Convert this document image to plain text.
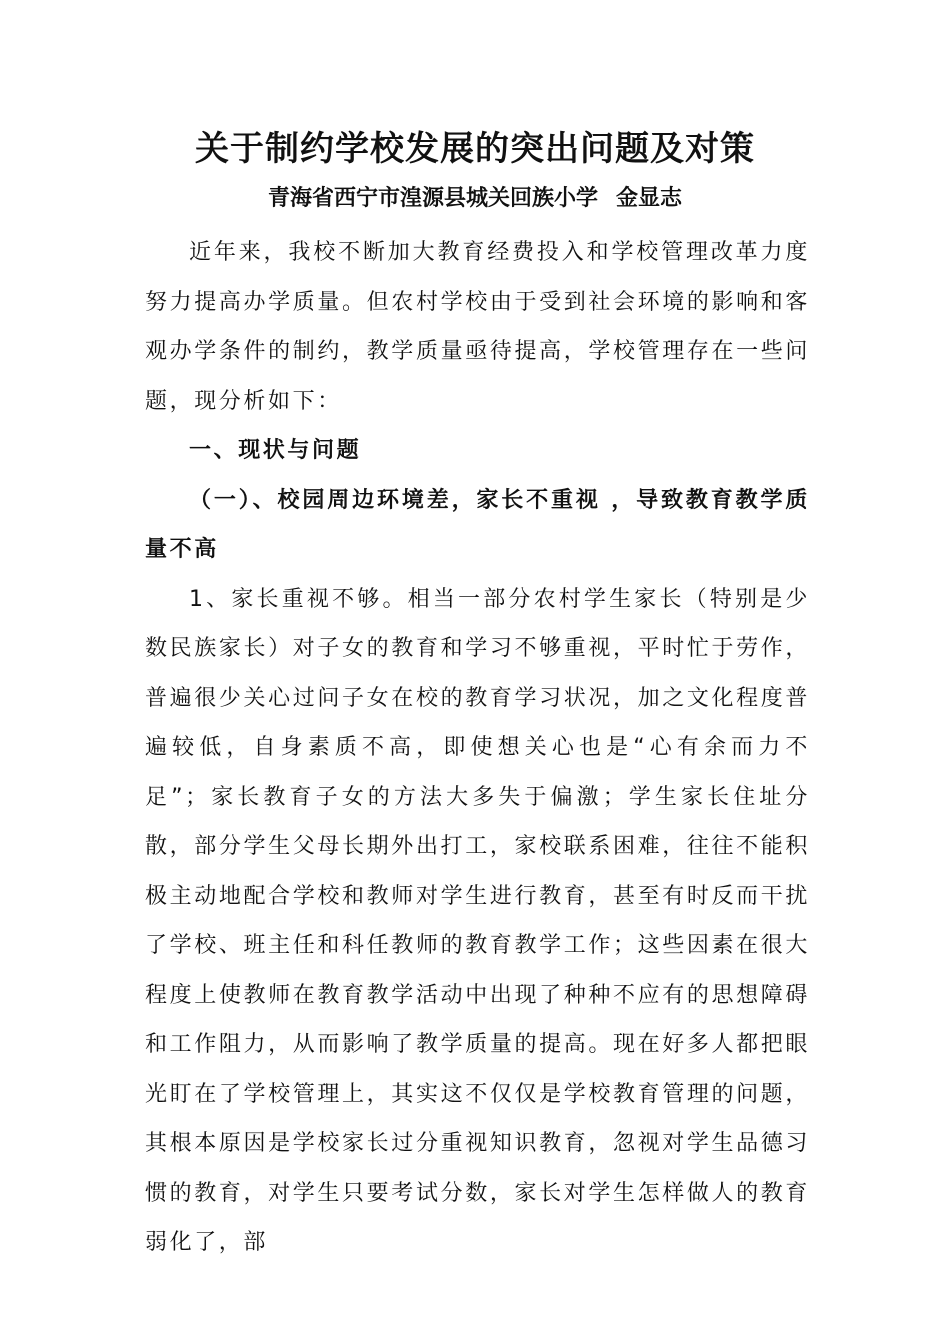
关于制约学校发展的突出问题及对策
青海省西宁市湟源县城关回族小学 金显志

近年来，我校不断加大教育经费投入和学校管理改革力度努力提高办学质量。但农村学校由于受到社会环境的影响和客观办学条件的制约，教学质量亟待提高，学校管理存在一些问题，现分析如下：

一、现状与问题

（一）、校园周边环境差，家长不重视 ，导致教育教学质量不高

1、家长重视不够。相当一部分农村学生家长（特别是少数民族家长）对子女的教育和学习不够重视，平时忙于劳作，普遍很少关心过问子女在校的教育学习状况，加之文化程度普遍较低，自身素质不高，即使想关心也是“心有余而力不足”；家长教育子女的方法大多失于偏激；学生家长住址分散，部分学生父母长期外出打工，家校联系困难，往往不能积极主动地配合学校和教师对学生进行教育，甚至有时反而干扰了学校、班主任和科任教师的教育教学工作；这些因素在很大程度上使教师在教育教学活动中出现了种种不应有的思想障碍和工作阻力，从而影响了教学质量的提高。现在好多人都把眼光盯在了学校管理上，其实这不仅仅是学校教育管理的问题，其根本原因是学校家长过分重视知识教育，忽视对学生品德习惯的教育，对学生只要考试分数，家长对学生怎样做人的教育弱化了，部
